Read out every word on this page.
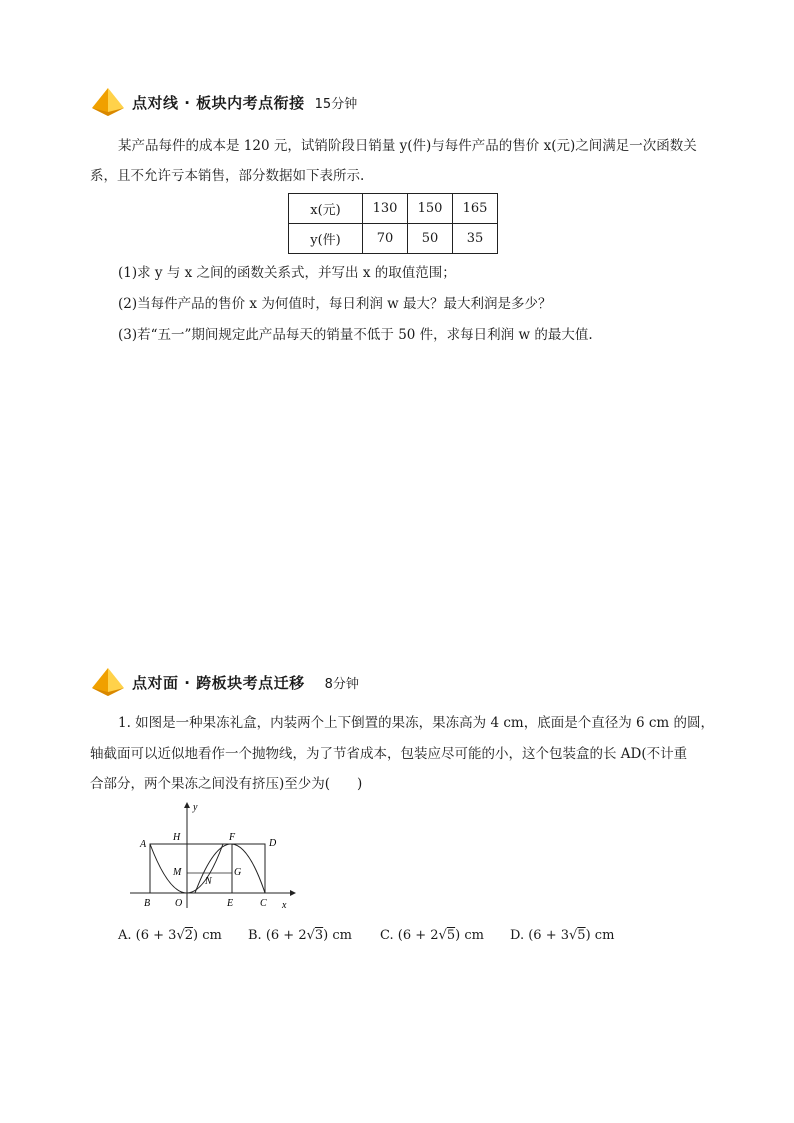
点对线 · 板块内考点衔接 15分钟
某产品每件的成本是 120 元，试销阶段日销量 y(件)与每件产品的售价 x(元)之间满足一次函数关
系，且不允许亏本销售，部分数据如下表所示.
x(元)	130	150	165
y(件)	70	50	35
(1)求 y 与 x 之间的函数关系式，并写出 x 的取值范围；
(2)当每件产品的售价 x 为何值时，每日利润 w 最大？最大利润是多少？
(3)若“五一”期间规定此产品每天的销量不低于 50 件，求每日利润 w 的最大值.
点对面 · 跨板块考点迁移 8分钟
1. 如图是一种果冻礼盒，内装两个上下倒置的果冻，果冻高为 4 cm，底面是个直径为 6 cm 的圆，
轴截面可以近似地看作一个抛物线，为了节省成本，包装应尽可能的小，这个包装盒的长 AD(不计重
合部分，两个果冻之间没有挤压)至少为(　　)
A
B	C
D
E
F
G
H
M
N
O	x
y
A. (6 + 3√2) cm B. (6 + 2√3) cm C. (6 + 2√5) cm D. (6 + 3√5) cm
